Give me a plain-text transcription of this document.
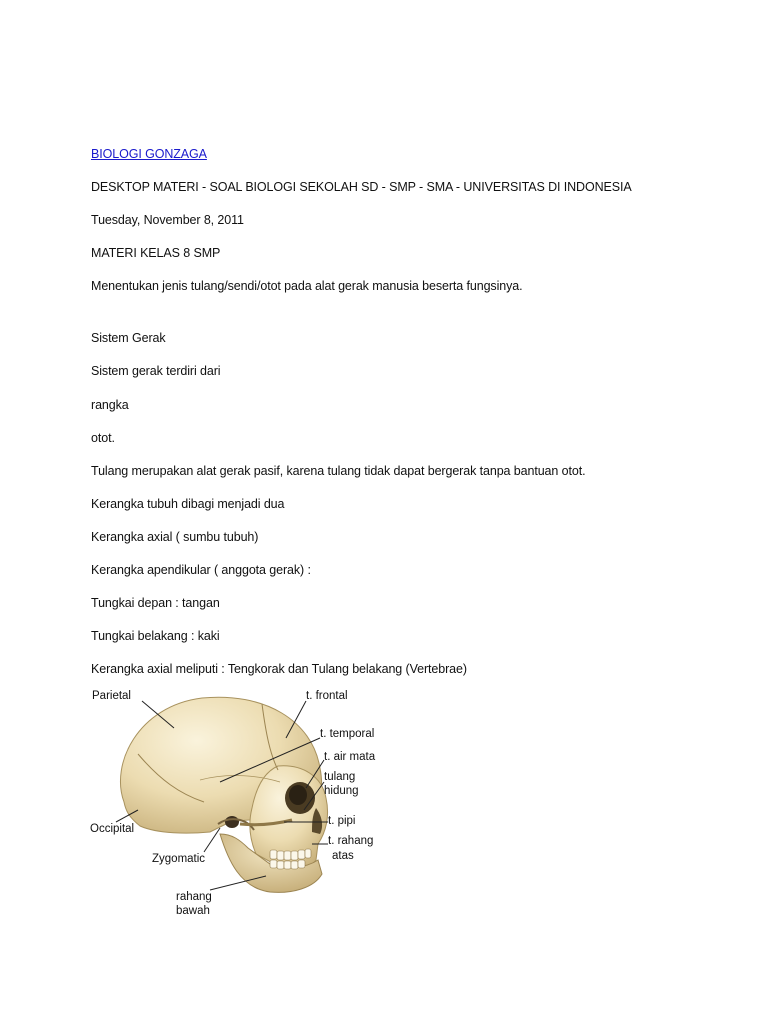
BIOLOGI GONZAGA
DESKTOP MATERI - SOAL BIOLOGI SEKOLAH SD - SMP - SMA - UNIVERSITAS DI INDONESIA
Tuesday, November 8, 2011
MATERI KELAS 8 SMP
Menentukan jenis tulang/sendi/otot pada alat gerak manusia beserta fungsinya.
Sistem Gerak
Sistem gerak terdiri dari
rangka
otot.
Tulang merupakan alat gerak pasif, karena tulang tidak dapat bergerak tanpa bantuan otot.
Kerangka tubuh dibagi menjadi dua
Kerangka axial ( sumbu tubuh)
Kerangka apendikular ( anggota gerak) :
Tungkai depan : tangan
Tungkai belakang : kaki
Kerangka axial meliputi : Tengkorak dan Tulang belakang (Vertebrae)
Parietal	t. frontal
t. temporal
t. air mata
tulang
hidung
Occipital
t. pipi
t. rahang
atas
Zygomatic
rahang
bawah
